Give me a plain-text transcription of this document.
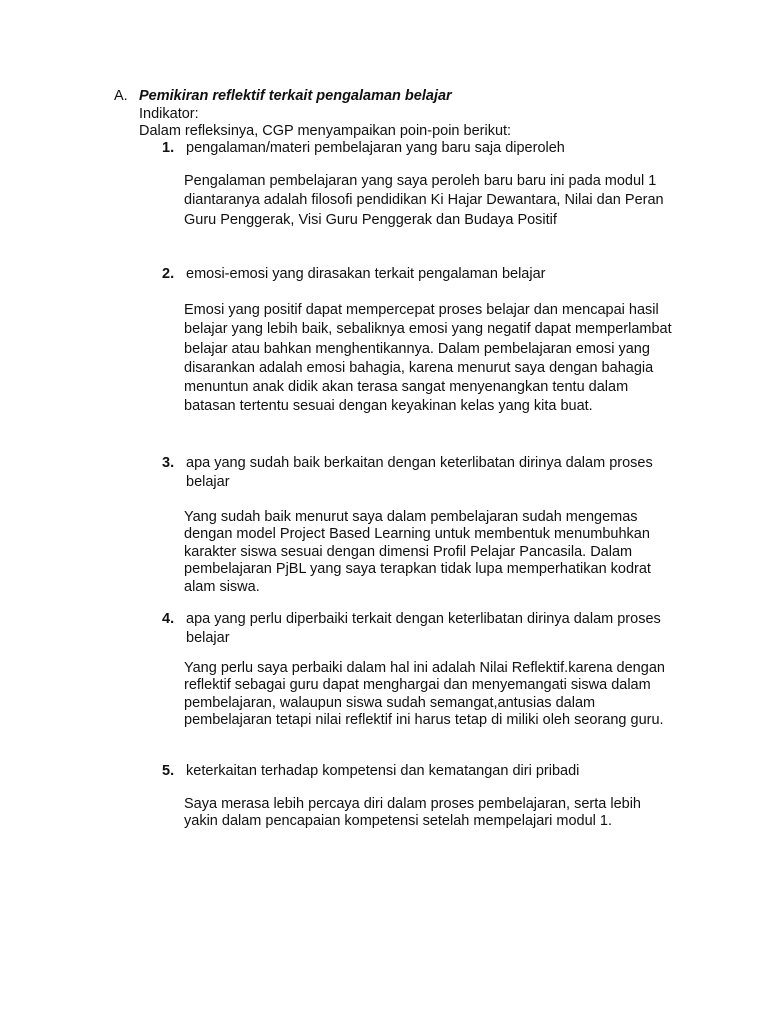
A. Pemikiran reflektif terkait pengalaman belajar
Indikator:
Dalam refleksinya, CGP menyampaikan poin-poin berikut:
1. pengalaman/materi pembelajaran yang baru saja diperoleh
Pengalaman pembelajaran yang saya peroleh baru baru ini pada modul 1 diantaranya adalah filosofi pendidikan Ki Hajar Dewantara, Nilai dan Peran Guru Penggerak, Visi Guru Penggerak dan Budaya Positif
2. emosi-emosi yang dirasakan terkait pengalaman belajar
Emosi yang positif dapat mempercepat proses belajar dan mencapai hasil belajar yang lebih baik, sebaliknya emosi yang negatif dapat memperlambat belajar atau bahkan menghentikannya. Dalam pembelajaran emosi yang disarankan adalah emosi bahagia, karena menurut saya dengan bahagia menuntun anak didik akan terasa sangat menyenangkan tentu dalam batasan tertentu sesuai dengan keyakinan kelas yang kita buat.
3. apa yang sudah baik berkaitan dengan keterlibatan dirinya dalam proses belajar
Yang sudah baik menurut saya dalam pembelajaran sudah mengemas dengan model Project Based Learning untuk membentuk menumbuhkan karakter siswa sesuai dengan dimensi Profil Pelajar Pancasila. Dalam pembelajaran PjBL yang saya terapkan tidak lupa memperhatikan kodrat alam siswa.
4. apa yang perlu diperbaiki terkait dengan keterlibatan dirinya dalam proses belajar
Yang perlu saya perbaiki dalam hal ini adalah Nilai Reflektif.karena dengan reflektif sebagai guru dapat menghargai dan menyemangati siswa dalam pembelajaran, walaupun siswa sudah semangat,antusias dalam pembelajaran tetapi nilai reflektif ini harus tetap di miliki oleh seorang guru.
5. keterkaitan terhadap kompetensi dan kematangan diri pribadi
Saya merasa lebih percaya diri dalam proses pembelajaran, serta lebih yakin dalam pencapaian kompetensi setelah mempelajari modul 1.
